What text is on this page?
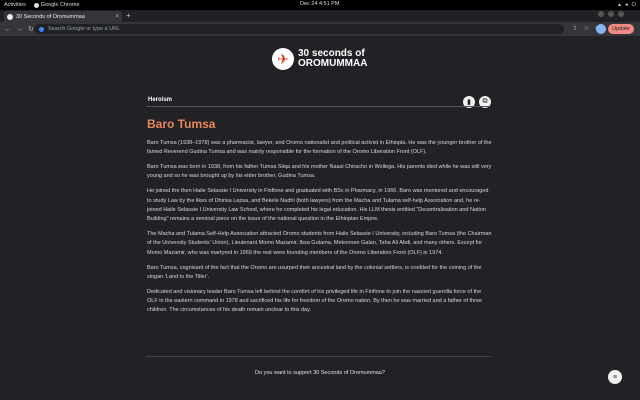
Activities	Google Chrome	Dec 24 4:51 PM	▴ ◂ ⏻
30 Seconds of Oromummaa	× +
← → ↻	Search Google or type a URL	⇪ ☆	Update
✈ 30 seconds of
OROMUMMAA
Heroism	▮	⧉
Baro Tumsa

Baro Tumsa (1938–1978) was a pharmacist, lawyer, and Oromo nationalist and political activist in Ethiopia. He was the younger brother of the famed Reverend Gudina Tumsa and was mainly responsible for the formation of the Oromo Liberation Front (OLF).

Baro Tumsa was born in 1938, from his father Tumsa Siiqa and his mother Naasi Chiracho in Wollega. His parents died while he was still very young and so he was brought up by his elder brother, Gudina Tumsa.

He joined the then Haile Selassie I University in Finfinne and graduated with BSc in Pharmacy, in 1966. Baro was mentored and encouraged to study Law by the likes of Dhinsa Lepsa, and Bekele Nadhi (both lawyers) from the Macha and Tulama self-help Association and, he re-joined Haile Selassie I University Law School, where he completed his legal education. His LLM thesis entitled "Decentralisation and Nation Building" remains a seminal piece on the issue of the national question in the Ethiopian Empire.

The Macha and Tulama Self-Help Association attracted Oromo students from Haile Selassie I University, including Baro Tumsa (the Chairman of the University Students' Union), Lieutenant Momo Mazamir, Ibsa Gutama, Mekonnen Galan, Taha Ali Abdi, and many others. Except for Momo Mazamir, who was martyred in 1969 the rest were founding members of the Oromo Liberation Front (OLF) in 1974.

Baro Tumsa, cognisant of the fact that the Oromo are usurped their ancestral land by the colonial settlers, is credited for the coining of the slogan 'Land to the Tiller'.

Dedicated and visionary leader Baro Tumsa left behind the comfort of his privileged life in Finfinne to join the nascent guerrilla force of the OLF in the eastern command in 1978 and sacrificed his life for freedom of the Oromo nation. By then he was married and a father of three children. The circumstances of his death remain unclear to this day.

Do you want to support 30 Seconds of Oromummaa?
≡
